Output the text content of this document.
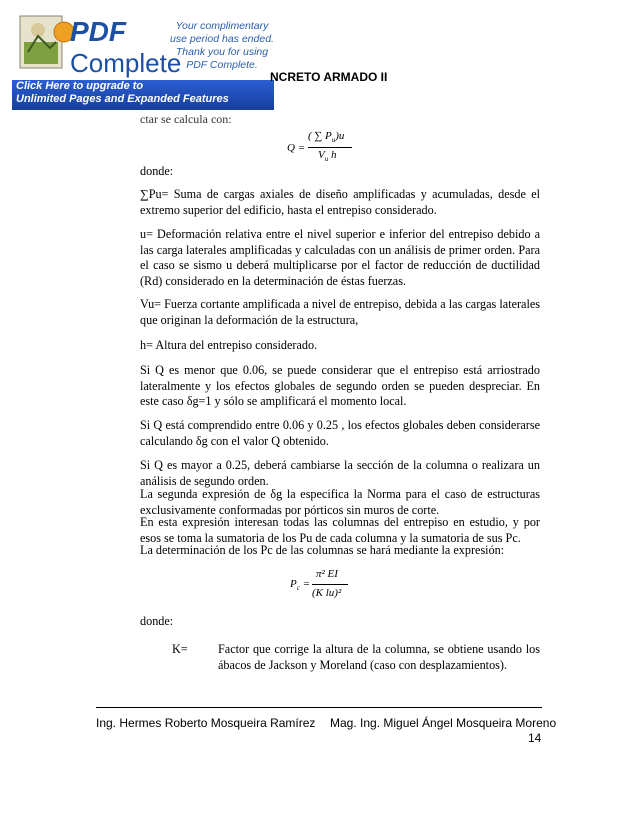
PDF
Complete
Your complimentary
use period has ended.
Thank you for using
PDF Complete.
Click Here to upgrade to
Unlimited Pages and Expanded Features
NCRETO ARMADO II
ctar se calcula con:
Q =
( ∑ $P_u)u$
$V_u$ h

donde:

∑Pu= Suma de cargas axiales de diseño amplificadas y acumuladas, desde el extremo superior del edificio, hasta el entrepiso considerado.

u= Deformación relativa entre el nivel superior e inferior del entrepiso debido a las carga laterales amplificadas y calculadas con un análisis de primer orden. Para el caso se sismo u deberá multiplicarse por el factor de reducción de ductilidad (Rd) considerado en la determinación de éstas fuerzas.

Vu= Fuerza cortante amplificada a nivel de entrepiso, debida a las cargas laterales que originan la deformación de la estructura,

h= Altura del entrepiso considerado.

Si Q es menor que 0.06, se puede considerar que el entrepiso está arriostrado lateralmente y los efectos globales de segundo orden se pueden despreciar. En este caso δg=1 y sólo se amplificará el momento local.

Si Q está comprendido entre 0.06 y 0.25 , los efectos globales deben considerarse calculando δg con el valor Q obtenido.

Si Q es mayor a 0.25, deberá cambiarse la sección de la columna o realizara un análisis de segundo orden.

La segunda expresión de δg la especifica la Norma para el caso de estructuras exclusivamente conformadas por pórticos sin muros de corte.

En esta expresión interesan todas las columnas del entrepiso en estudio, y por esos se toma la sumatoria de los Pu de cada columna y la sumatoria de sus Pc.

La determinación de los Pc de las columnas se hará mediante la expresión:

$P_c$ =
π² EI
(K lu)²

donde:

K=	Factor que corrige la altura de la columna, se obtiene usando los ábacos de Jackson y Moreland (caso con desplazamientos).

Ing. Hermes Roberto Mosqueira Ramírez Mag. Ing. Miguel Ángel Mosqueira Moreno
14
